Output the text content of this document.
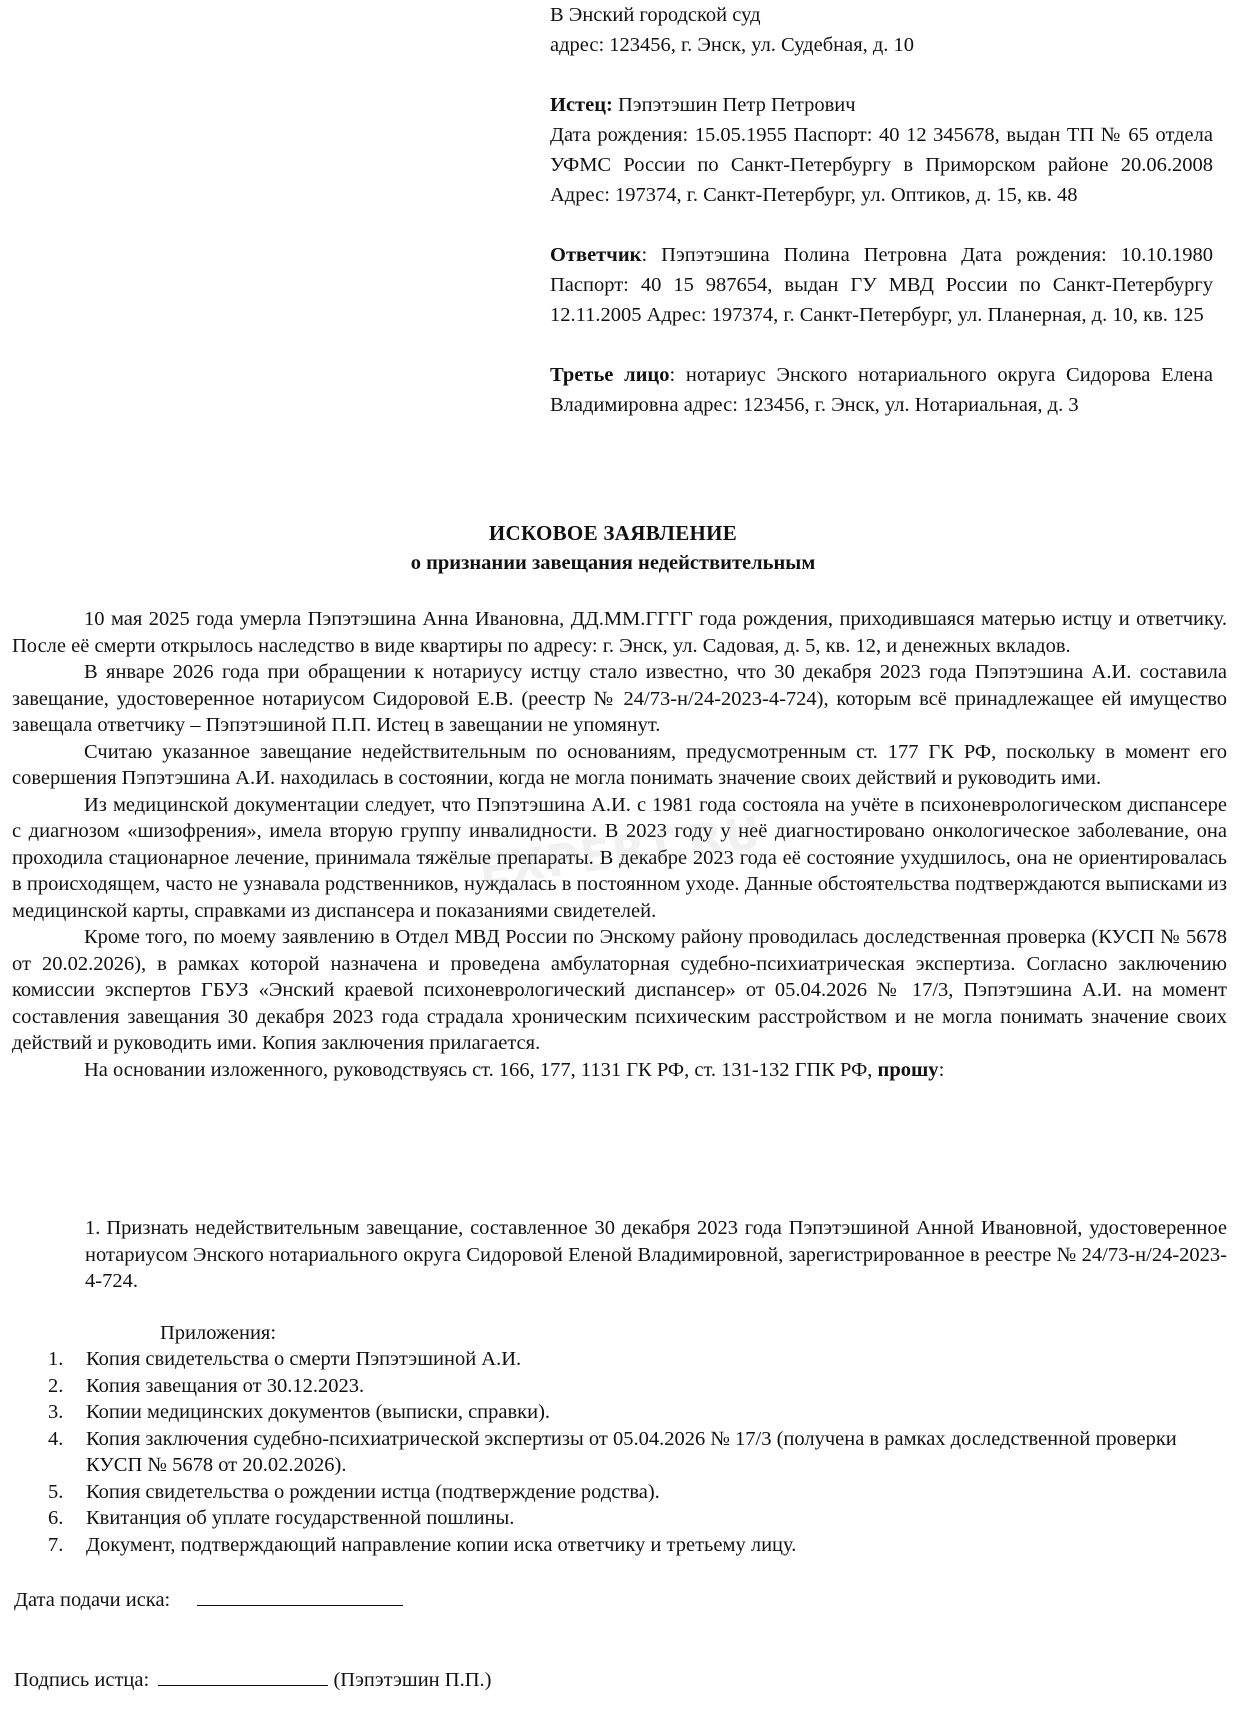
В Энский городской суд

адрес: 123456, г. Энск, ул. Судебная, д. 10

Истец: Пэпэтэшин Петр Петрович

Дата рождения: 15.05.1955 Паспорт: 40 12 345678, выдан ТП № 65 отдела УФМС России по Санкт-Петербургу в Приморском районе 20.06.2008 Адрес: 197374, г. Санкт-Петербург, ул. Оптиков, д. 15, кв. 48

Ответчик: Пэпэтэшина Полина Петровна Дата рождения: 10.10.1980 Паспорт: 40 15 987654, выдан ГУ МВД России по Санкт-Петербургу 12.11.2005 Адрес: 197374, г. Санкт-Петербург, ул. Планерная, д. 10, кв. 125

Третье лицо: нотариус Энского нотариального округа Сидорова Елена Владимировна адрес: 123456, г. Энск, ул. Нотариальная, д. 3

ИСКОВОЕ ЗАЯВЛЕНИЕ
о признании завещания недействительным

10 мая 2025 года умерла Пэпэтэшина Анна Ивановна, ДД.ММ.ГГГГ года рождения, приходившаяся матерью истцу и ответчику. После её смерти открылось наследство в виде квартиры по адресу: г. Энск, ул. Садовая, д. 5, кв. 12, и денежных вкладов.

В январе 2026 года при обращении к нотариусу истцу стало известно, что 30 декабря 2023 года Пэпэтэшина А.И. составила завещание, удостоверенное нотариусом Сидоровой Е.В. (реестр № 24/73-н/24-2023-4-724), которым всё принадлежащее ей имущество завещала ответчику – Пэпэтэшиной П.П. Истец в завещании не упомянут.

Считаю указанное завещание недействительным по основаниям, предусмотренным ст. 177 ГК РФ, поскольку в момент его совершения Пэпэтэшина А.И. находилась в состоянии, когда не могла понимать значение своих действий и руководить ими.

Из медицинской документации следует, что Пэпэтэшина А.И. с 1981 года состояла на учёте в психоневрологическом диспансере с диагнозом «шизофрения», имела вторую группу инвалидности. В 2023 году у неё диагностировано онкологическое заболевание, она проходила стационарное лечение, принимала тяжёлые препараты. В декабре 2023 года её состояние ухудшилось, она не ориентировалась в происходящем, часто не узнавала родственников, нуждалась в постоянном уходе. Данные обстоятельства подтверждаются выписками из медицинской карты, справками из диспансера и показаниями свидетелей.

Кроме того, по моему заявлению в Отдел МВД России по Энскому району проводилась доследственная проверка (КУСП № 5678 от 20.02.2026), в рамках которой назначена и проведена амбулаторная судебно-психиатрическая экспертиза. Согласно заключению комиссии экспертов ГБУЗ «Энский краевой психоневрологический диспансер» от 05.04.2026 № 17/3, Пэпэтэшина А.И. на момент составления завещания 30 декабря 2023 года страдала хроническим психическим расстройством и не могла понимать значение своих действий и руководить ими. Копия заключения прилагается.

На основании изложенного, руководствуясь ст. 166, 177, 1131 ГК РФ, ст. 131-132 ГПК РФ, прошу:

1. Признать недействительным завещание, составленное 30 декабря 2023 года Пэпэтэшиной Анной Ивановной, удостоверенное нотариусом Энского нотариального округа Сидоровой Еленой Владимировной, зарегистрированное в реестре № 24/73-н/24-2023-4-724.
Приложения:
1. Копия свидетельства о смерти Пэпэтэшиной А.И.
2. Копия завещания от 30.12.2023.
3. Копии медицинских документов (выписки, справки).
4. Копия заключения судебно-психиатрической экспертизы от 05.04.2026 № 17/3 (получена в рамках доследственной проверки КУСП № 5678 от 20.02.2026).
5. Копия свидетельства о рождении истца (подтверждение родства).
6. Квитанция об уплате государственной пошлины.
7. Документ, подтверждающий направление копии иска ответчику и третьему лицу.
Дата подачи иска:
Подпись истца:	(Пэпэтэшин П.П.)
EXPERT.RU
